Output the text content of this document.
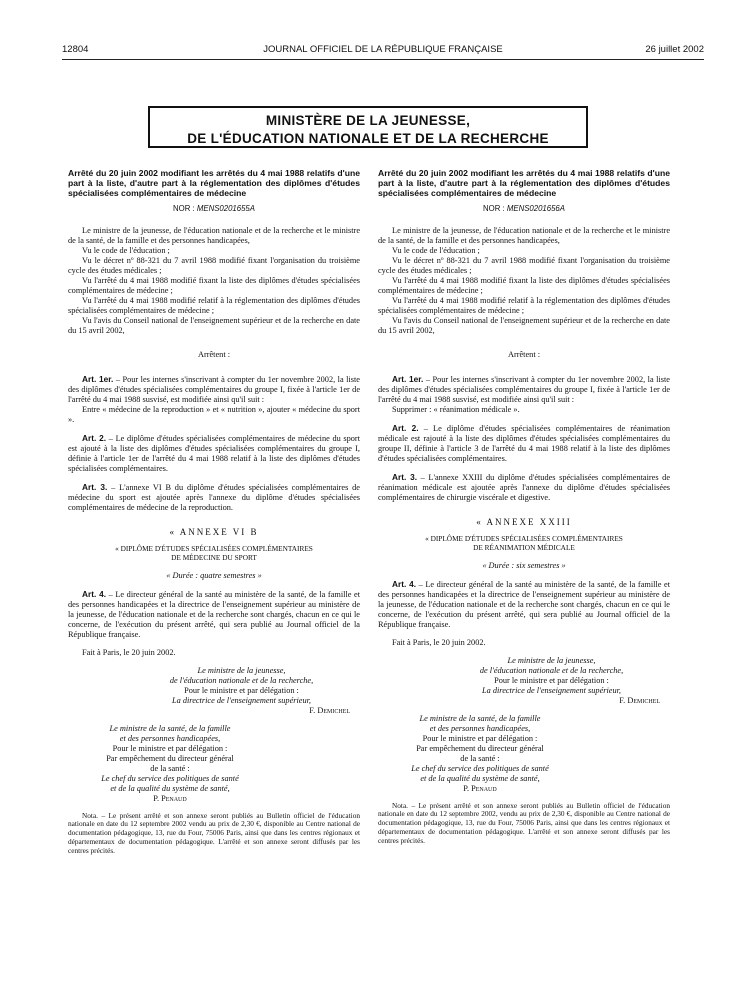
12804	JOURNAL OFFICIEL DE LA RÉPUBLIQUE FRANÇAISE	26 juillet 2002
MINISTÈRE DE LA JEUNESSE,
DE L'ÉDUCATION NATIONALE ET DE LA RECHERCHE

Arrêté du 20 juin 2002 modifiant les arrêtés du 4 mai 1988 relatifs d'une part à la liste, d'autre part à la réglementation des diplômes d'études spécialisées complémentaires de médecine

NOR : MENS0201655A

Le ministre de la jeunesse, de l'éducation nationale et de la recherche et le ministre de la santé, de la famille et des personnes handicapées,

Vu le code de l'éducation ;

Vu le décret nº 88-321 du 7 avril 1988 modifié fixant l'organisation du troisième cycle des études médicales ;

Vu l'arrêté du 4 mai 1988 modifié fixant la liste des diplômes d'études spécialisées complémentaires de médecine ;

Vu l'arrêté du 4 mai 1988 modifié relatif à la réglementation des diplômes d'études spécialisées complémentaires de médecine ;

Vu l'avis du Conseil national de l'enseignement supérieur et de la recherche en date du 15 avril 2002,

Arrêtent :

Art. 1er. – Pour les internes s'inscrivant à compter du 1er novembre 2002, la liste des diplômes d'études spécialisées complémentaires du groupe I, fixée à l'article 1er de l'arrêté du 4 mai 1988 susvisé, est modifiée ainsi qu'il suit :

Entre « médecine de la reproduction » et « nutrition », ajouter « médecine du sport ».

Art. 2. – Le diplôme d'études spécialisées complémentaires de médecine du sport est ajouté à la liste des diplômes d'études spécialisées complémentaires du groupe I, définie à l'article 1er de l'arrêté du 4 mai 1988 relatif à la liste des diplômes d'études spécialisées complémentaires.

Art. 3. – L'annexe VI B du diplôme d'études spécialisées complémentaires de médecine du sport est ajoutée après l'annexe du diplôme d'études spécialisées complémentaires de médecine de la reproduction.

« ANNEXE VI B

« DIPLÔME D'ÉTUDES SPÉCIALISÉES COMPLÉMENTAIRES

DE MÉDECINE DU SPORT

« Durée : quatre semestres »

Art. 4. – Le directeur général de la santé au ministère de la santé, de la famille et des personnes handicapées et la directrice de l'enseignement supérieur au ministère de la jeunesse, de l'éducation nationale et de la recherche sont chargés, chacun en ce qui le concerne, de l'exécution du présent arrêté, qui sera publié au Journal officiel de la République française.

Fait à Paris, le 20 juin 2002.

Le ministre de la jeunesse,
de l'éducation nationale et de la recherche,
Pour le ministre et par délégation :
La directrice de l'enseignement supérieur,
F. Demichel
Le ministre de la santé, de la famille
et des personnes handicapées,
Pour le ministre et par délégation :
Par empêchement du directeur général
de la santé :
Le chef du service des politiques de santé
et de la qualité du système de santé,
P. Penaud

Nota. – Le présent arrêté et son annexe seront publiés au Bulletin officiel de l'éducation nationale en date du 12 septembre 2002 vendu au prix de 2,30 €, disponible au Centre national de documentation pédagogique, 13, rue du Four, 75006 Paris, ainsi que dans les centres régionaux et départementaux de documentation pédagogique. L'arrêté et son annexe seront diffusés par les centres précités.

Arrêté du 20 juin 2002 modifiant les arrêtés du 4 mai 1988 relatifs d'une part à la liste, d'autre part à la réglementation des diplômes d'études spécialisées complémentaires de médecine

NOR : MENS0201656A

Le ministre de la jeunesse, de l'éducation nationale et de la recherche et le ministre de la santé, de la famille et des personnes handicapées,

Vu le code de l'éducation ;

Vu le décret nº 88-321 du 7 avril 1988 modifié fixant l'organisation du troisième cycle des études médicales ;

Vu l'arrêté du 4 mai 1988 modifié fixant la liste des diplômes d'études spécialisées complémentaires de médecine ;

Vu l'arrêté du 4 mai 1988 modifié relatif à la réglementation des diplômes d'études spécialisées complémentaires de médecine ;

Vu l'avis du Conseil national de l'enseignement supérieur et de la recherche en date du 15 avril 2002,

Arrêtent :

Art. 1er. – Pour les internes s'inscrivant à compter du 1er novembre 2002, la liste des diplômes d'études spécialisées complémentaires du groupe I, fixée à l'article 1er de l'arrêté du 4 mai 1988 susvisé, est modifiée ainsi qu'il suit :

Supprimer : « réanimation médicale ».

Art. 2. – Le diplôme d'études spécialisées complémentaires de réanimation médicale est rajouté à la liste des diplômes d'études spécialisées complémentaires du groupe II, définie à l'article 3 de l'arrêté du 4 mai 1988 relatif à la liste des diplômes d'études spécialisées complémentaires.

Art. 3. – L'annexe XXIII du diplôme d'études spécialisées complémentaires de réanimation médicale est ajoutée après l'annexe du diplôme d'études spécialisées complémentaires de chirurgie viscérale et digestive.

« ANNEXE XXIII

« DIPLÔME D'ÉTUDES SPÉCIALISÉES COMPLÉMENTAIRES

DE RÉANIMATION MÉDICALE

« Durée : six semestres »

Art. 4. – Le directeur général de la santé au ministère de la santé, de la famille et des personnes handicapées et la directrice de l'enseignement supérieur au ministère de la jeunesse, de l'éducation nationale et de la recherche sont chargés, chacun en ce qui le concerne, de l'exécution du présent arrêté, qui sera publié au Journal officiel de la République française.

Fait à Paris, le 20 juin 2002.

Le ministre de la jeunesse,
de l'éducation nationale et de la recherche,
Pour le ministre et par délégation :
La directrice de l'enseignement supérieur,
F. Demichel
Le ministre de la santé, de la famille
et des personnes handicapées,
Pour le ministre et par délégation :
Par empêchement du directeur général
de la santé :
Le chef du service des politiques de santé
et de la qualité du système de santé,
P. Penaud

Nota. – Le présent arrêté et son annexe seront publiés au Bulletin officiel de l'éducation nationale en date du 12 septembre 2002, vendu au prix de 2,30 €, disponible au Centre national de documentation pédagogique, 13, rue du Four, 75006 Paris, ainsi que dans les centres régionaux et départementaux de documentation pédagogique. L'arrêté et son annexe seront diffusés par les centres précités.
